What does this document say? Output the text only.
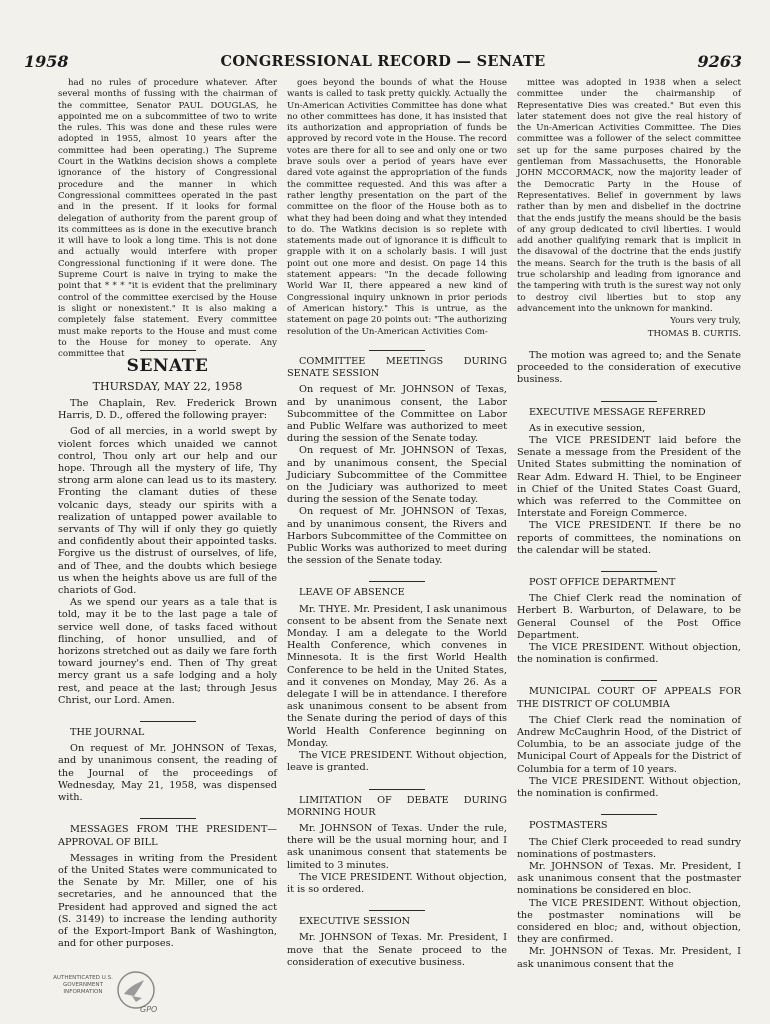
1958	CONGRESSIONAL RECORD — SENATE	9263

had no rules of procedure whatever. After several months of fussing with the chairman of the committee, Senator PAUL DOUGLAS, he appointed me on a subcommittee of two to write the rules. This was done and these rules were adopted in 1955, almost 10 years after the committee had been operating.) The Supreme Court in the Watkins decision shows a complete ignorance of the history of Congressional procedure and the manner in which Congressional committees operated in the past and in the present. If it looks for formal delegation of authority from the parent group of its committees as is done in the executive branch it will have to look a long time. This is not done and actually would interfere with proper Congressional functioning if it were done. The Supreme Court is naive in trying to make the point that * * * "it is evident that the preliminary control of the committee exercised by the House is slight or nonexistent." It is also making a completely false statement. Every committee must make reports to the House and must come to the House for money to operate. Any committee that

goes beyond the bounds of what the House wants is called to task pretty quickly. Actually the Un-American Activities Committee has done what no other committees has done, it has insisted that its authorization and appropriation of funds be approved by record vote in the House. The record votes are there for all to see and only one or two brave souls over a period of years have ever dared vote against the appropriation of the funds the committee requested. And this was after a rather lengthy presentation on the part of the committee on the floor of the House both as to what they had been doing and what they intended to do. The Watkins decision is so replete with statements made out of ignorance it is difficult to grapple with it on a scholarly basis. I will just point out one more and desist. On page 14 this statement appears: "In the decade following World War II, there appeared a new kind of Congressional inquiry unknown in prior periods of American history." This is untrue, as the statement on page 20 points out: "The authorizing resolution of the Un-American Activities Com-

mittee was adopted in 1938 when a select committee under the chairmanship of Representative Dies was created." But even this later statement does not give the real history of the Un-American Activities Committee. The Dies committee was a follower of the select committee set up for the same purposes chaired by the gentleman from Massachusetts, the Honorable JOHN MCCORMACK, now the majority leader of the Democratic Party in the House of Representatives. Belief in government by laws rather than by men and disbelief in the doctrine that the ends justify the means should be the basis of any group dedicated to civil liberties. I would add another qualifying remark that is implicit in the disavowal of the doctrine that the ends justify the means. Search for the truth is the basis of all true scholarship and leading from ignorance and the tampering with truth is the surest way not only to destroy civil liberties but to stop any advancement into the unknown for mankind.

Yours very truly,

THOMAS B. CURTIS.

SENATE
THURSDAY, MAY 22, 1958

The Chaplain, Rev. Frederick Brown Harris, D. D., offered the following prayer:

God of all mercies, in a world swept by violent forces which unaided we cannot control, Thou only art our help and our hope. Through all the mystery of life, Thy strong arm alone can lead us to its mastery. Fronting the clamant duties of these volcanic days, steady our spirits with a realization of untapped power available to servants of Thy will if only they go quietly and confidently about their appointed tasks. Forgive us the distrust of ourselves, of life, and of Thee, and the doubts which besiege us when the heights above us are full of the chariots of God.

As we spend our years as a tale that is told, may it be to the last page a tale of service well done, of tasks faced without flinching, of honor unsullied, and of horizons stretched out as daily we fare forth toward journey's end. Then of Thy great mercy grant us a safe lodging and a holy rest, and peace at the last; through Jesus Christ, our Lord. Amen.

THE JOURNAL

On request of Mr. JOHNSON of Texas, and by unanimous consent, the reading of the Journal of the proceedings of Wednesday, May 21, 1958, was dispensed with.

MESSAGES FROM THE PRESIDENT— APPROVAL OF BILL

Messages in writing from the President of the United States were communicated to the Senate by Mr. Miller, one of his secretaries, and he announced that the President had approved and signed the act (S. 3149) to increase the lending authority of the Export-Import Bank of Washington, and for other purposes.

COMMITTEE MEETINGS DURING SENATE SESSION

On request of Mr. JOHNSON of Texas, and by unanimous consent, the Labor Subcommittee of the Committee on Labor and Public Welfare was authorized to meet during the session of the Senate today.

On request of Mr. JOHNSON of Texas, and by unanimous consent, the Special Judiciary Subcommittee of the Committee on the Judiciary was authorized to meet during the session of the Senate today.

On request of Mr. JOHNSON of Texas, and by unanimous consent, the Rivers and Harbors Subcommittee of the Committee on Public Works was authorized to meet during the session of the Senate today.

LEAVE OF ABSENCE

Mr. THYE. Mr. President, I ask unanimous consent to be absent from the Senate next Monday. I am a delegate to the World Health Conference, which convenes in Minnesota. It is the first World Health Conference to be held in the United States, and it convenes on Monday, May 26. As a delegate I will be in attendance. I therefore ask unanimous consent to be absent from the Senate during the period of days of this World Health Conference beginning on Monday.

The VICE PRESIDENT. Without objection, leave is granted.

LIMITATION OF DEBATE DURING MORNING HOUR

Mr. JOHNSON of Texas. Under the rule, there will be the usual morning hour, and I ask unanimous consent that statements be limited to 3 minutes.

The VICE PRESIDENT. Without objection, it is so ordered.

EXECUTIVE SESSION

Mr. JOHNSON of Texas. Mr. President, I move that the Senate proceed to the consideration of executive business.

The motion was agreed to; and the Senate proceeded to the consideration of executive business.

EXECUTIVE MESSAGE REFERRED

As in executive session,

The VICE PRESIDENT laid before the Senate a message from the President of the United States submitting the nomination of Rear Adm. Edward H. Thiel, to be Engineer in Chief of the United States Coast Guard, which was referred to the Committee on Interstate and Foreign Commerce.

The VICE PRESIDENT. If there be no reports of committees, the nominations on the calendar will be stated.

POST OFFICE DEPARTMENT

The Chief Clerk read the nomination of Herbert B. Warburton, of Delaware, to be General Counsel of the Post Office Department.

The VICE PRESIDENT. Without objection, the nomination is confirmed.

MUNICIPAL COURT OF APPEALS FOR THE DISTRICT OF COLUMBIA

The Chief Clerk read the nomination of Andrew McCaughrin Hood, of the District of Columbia, to be an associate judge of the Municipal Court of Appeals for the District of Columbia for a term of 10 years.

The VICE PRESIDENT. Without objection, the nomination is confirmed.

POSTMASTERS

The Chief Clerk proceeded to read sundry nominations of postmasters.

Mr. JOHNSON of Texas. Mr. President, I ask unanimous consent that the postmaster nominations be considered en bloc.

The VICE PRESIDENT. Without objection, the postmaster nominations will be considered en bloc; and, without objection, they are confirmed.

Mr. JOHNSON of Texas. Mr. President, I ask unanimous consent that the

AUTHENTICATED U.S. GOVERNMENT INFORMATION
GPO
